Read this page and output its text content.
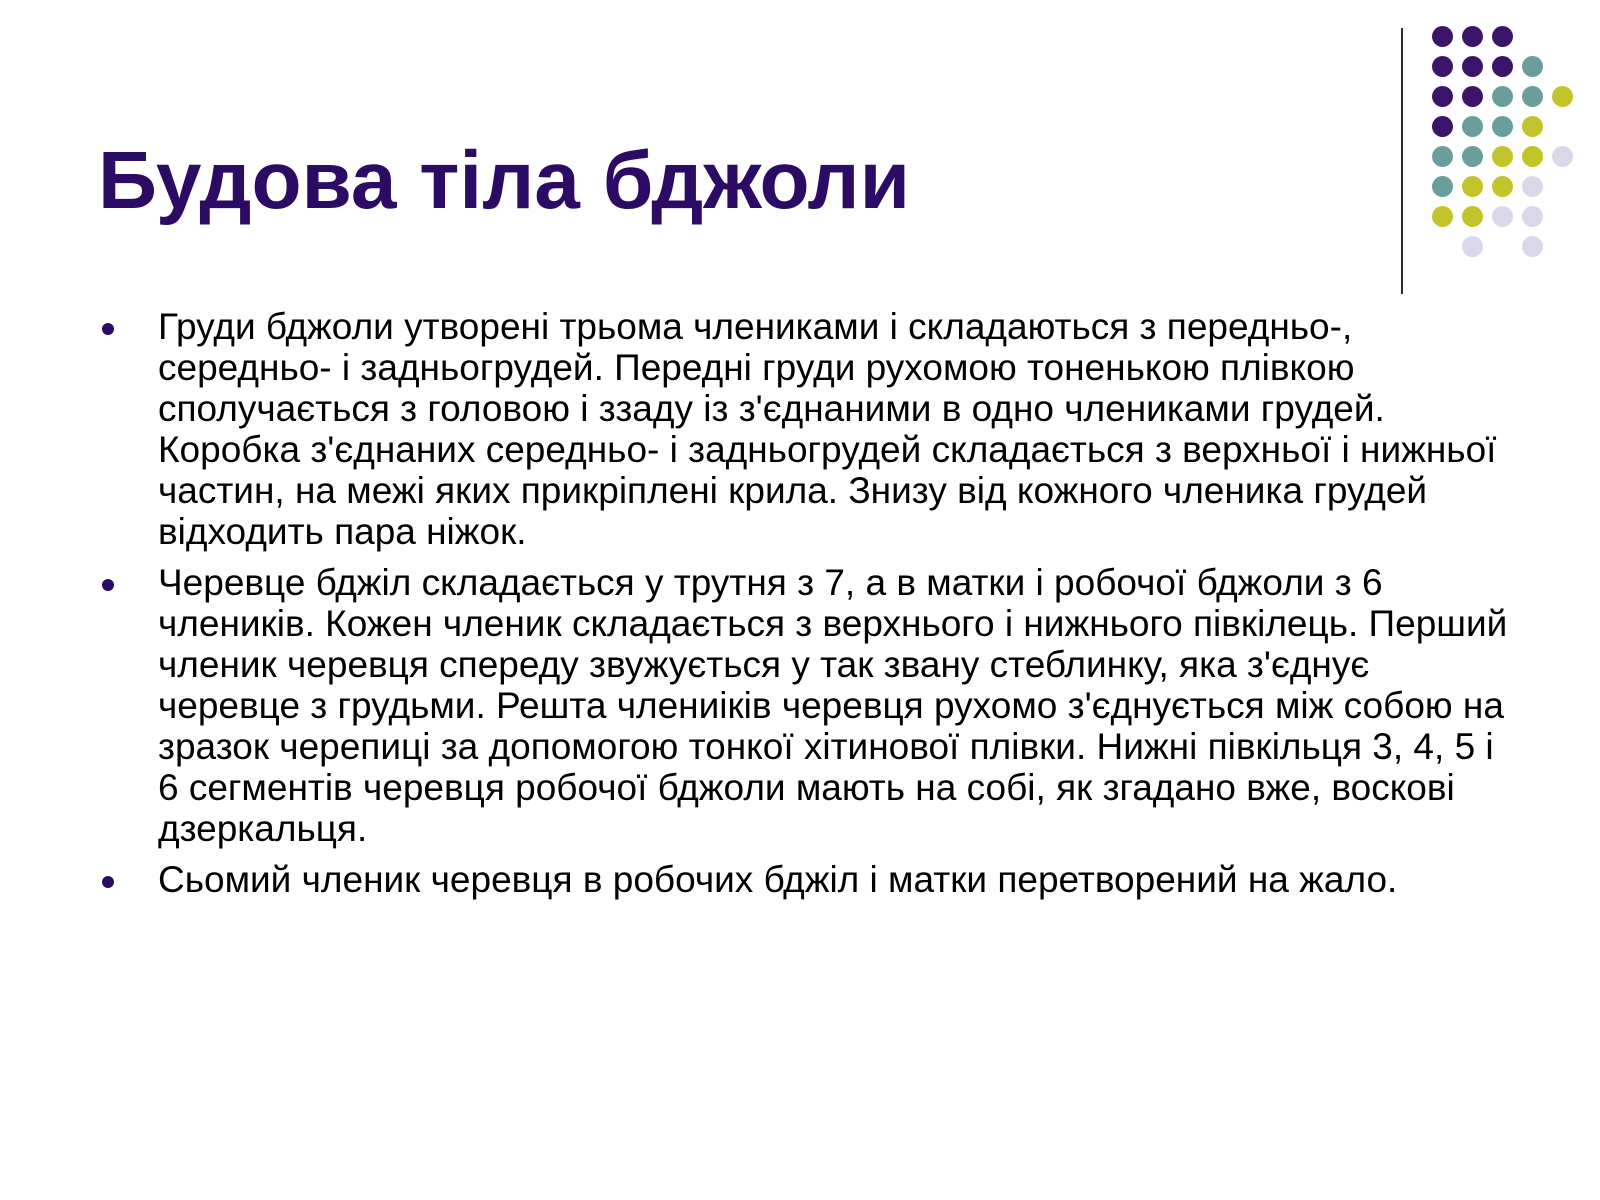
Будова тіла бджоли
Груди бджоли утворені трьома члениками і складаються з передньо-, середньо- і задньогрудей. Передні груди рухомою тоненькою плівкою сполучається з головою і ззаду із з'єднаними в одно члениками грудей. Коробка з'єднаних середньо- і задньогрудей складається з верхньої і нижньої частин, на межі яких прикріплені крила. Знизу від кожного членика грудей відходить пара ніжок.
Черевце бджіл складається у трутня з 7, а в матки і робочої бджоли з 6 члеників. Кожен членик складається з верхнього і нижнього півкілець. Перший членик черевця спереду звужується у так звану стеблинку, яка з'єднує черевце з грудьми. Решта члениіків черевця рухомо з'єднується між собою на зразок черепиці за допомогою тонкої хітинової плівки. Нижні півкільця 3, 4, 5 і 6 сегментів черевця робочої бджоли мають на собі, як згадано вже, воскові дзеркальця.
Сьомий членик черевця в робочих бджіл і матки перетворений на жало.
